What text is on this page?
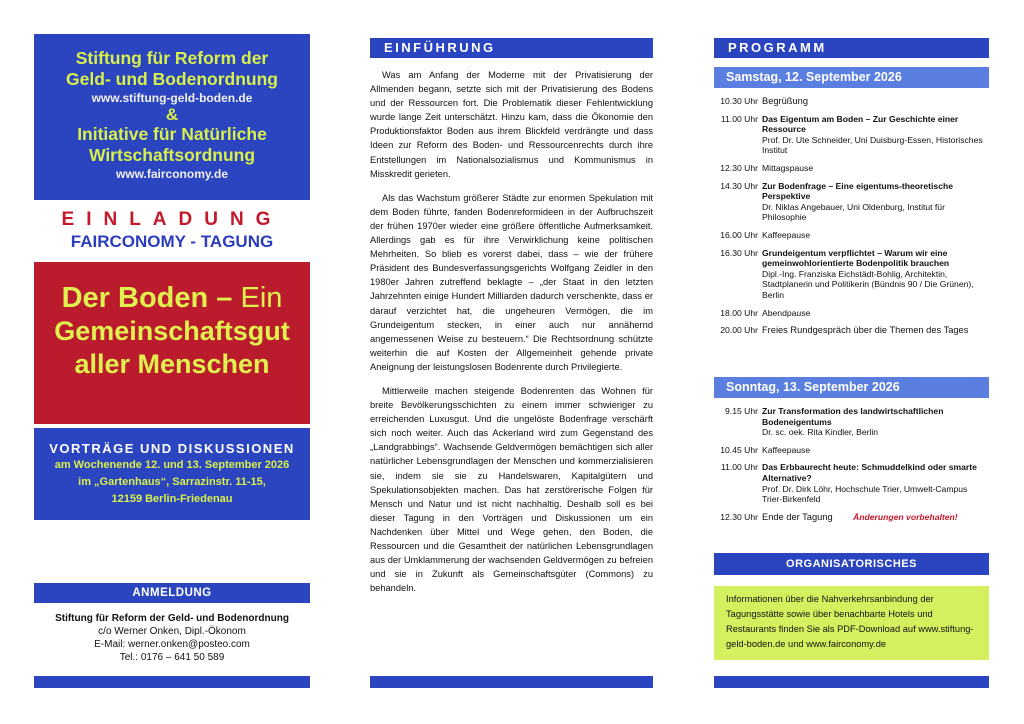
Stiftung für Reform der
Geld- und Bodenordnung
www.stiftung-geld-boden.de
&
Initiative für Natürliche
Wirtschaftsordnung
www.fairconomy.de
EINLADUNG
FAIRCONOMY - TAGUNG
Der Boden – Ein
Gemeinschaftsgut
aller Menschen
VORTRÄGE UND DISKUSSIONEN
am Wochenende 12. und 13. September 2026
im „Gartenhaus“, Sarrazinstr. 11-15,
12159 Berlin-Friedenau
ANMELDUNG
Stiftung für Reform der Geld- und Bodenordnung
c/o Werner Onken, Dipl.-Ökonom
E-Mail: werner.onken@posteo.com
Tel.: 0176 – 641 50 589
EINFÜHRUNG

Was am Anfang der Moderne mit der Privatisierung der Allmenden begann, setzte sich mit der Privatisierung des Bodens und der Ressourcen fort. Die Problematik dieser Fehlentwicklung wurde lange Zeit unterschätzt. Hinzu kam, dass die Ökonomie den Produktionsfaktor Boden aus ihrem Blickfeld verdrängte und dass Ideen zur Reform des Boden- und Ressourcenrechts durch ihre Entstellungen im Nationalsozialismus und Kommunismus in Misskredit gerieten.

Als das Wachstum größerer Städte zur enormen Spekulation mit dem Boden führte, fanden Bodenreformideen in der Aufbruchszeit der frühen 1970er wieder eine größere öffentliche Aufmerksamkeit. Allerdings gab es für ihre Verwirklichung keine politischen Mehrheiten. So blieb es vorerst dabei, dass – wie der frühere Präsident des Bundesverfassungsgerichts Wolfgang Zeidler in den 1980er Jahren zutreffend beklagte – „der Staat in den letzten Jahrzehnten einige Hundert Milliarden dadurch verschenkte, dass er darauf verzichtet hat, die ungeheuren Vermögen, die im Grundeigentum stecken, in einer auch nur annähernd angemessenen Weise zu besteuern.“ Die Rechtsordnung schützte weiterhin die auf Kosten der Allgemeinheit gehende private Aneignung der leistungslosen Bodenrente durch Privilegierte.

Mittlerweile machen steigende Bodenrenten das Wohnen für breite Bevölkerungsschichten zu einem immer schwieriger zu erreichenden Luxusgut. Und die ungelöste Bodenfrage verschärft sich noch weiter. Auch das Ackerland wird zum Gegenstand des „Landgrabbings“. Wachsende Geldvermögen bemächtigen sich aller natürlicher Lebensgrundlagen der Menschen und kommerzialisieren sie, indem sie sie zu Handelswaren, Kapitalgütern und Spekulationsobjekten machen. Das hat zerstörerische Folgen für Mensch und Natur und ist nicht nachhaltig. Deshalb soll es bei dieser Tagung in den Vorträgen und Diskussionen um ein Nachdenken über Mittel und Wege gehen, den Boden, die Ressourcen und die Gesamtheit der natürlichen Lebensgrundlagen aus der Umklammerung der wachsenden Geldvermögen zu befreien und sie in Zukunft als Gemeinschaftsgüter (Commons) zu behandeln.

PROGRAMM
Samstag, 12. September 2026
10.30 Uhr Begrüßung
11.00 Uhr Das Eigentum am Boden – Zur Geschichte einer Ressource
Prof. Dr. Ute Schneider, Uni Duisburg-Essen, Historisches Institut
12.30 Uhr Mittagspause
14.30 Uhr Zur Bodenfrage – Eine eigentums-theoretische Perspektive
Dr. Niklas Angebauer, Uni Oldenburg, Institut für Philosophie
16.00 Uhr Kaffeepause
16.30 Uhr Grundeigentum verpflichtet – Warum wir eine gemeinwohlorientierte Bodenpolitik brauchen
Dipl.-Ing. Franziska Eichstädt-Bohlig, Architektin, Stadtplanerin und Politikerin (Bündnis 90 / Die Grünen), Berlin
18.00 Uhr Abendpause
20.00 Uhr Freies Rundgespräch über die Themen des Tages
Sonntag, 13. September 2026
9.15 Uhr Zur Transformation des landwirtschaftlichen Bodeneigentums
Dr. sc. oek. Rita Kindler, Berlin
10.45 Uhr Kaffeepause
11.00 Uhr Das Erbbaurecht heute: Schmuddelkind oder smarte Alternative?
Prof. Dr. Dirk Löhr, Hochschule Trier, Umwelt-Campus Trier-Birkenfeld
12.30 Uhr Ende der Tagung Änderungen vorbehalten!
ORGANISATORISCHES
Informationen über die Nahverkehrsanbindung der Tagungsstätte sowie über benachbarte Hotels und Restaurants finden Sie als PDF-Download auf www.stiftung-geld-boden.de und www.fairconomy.de
